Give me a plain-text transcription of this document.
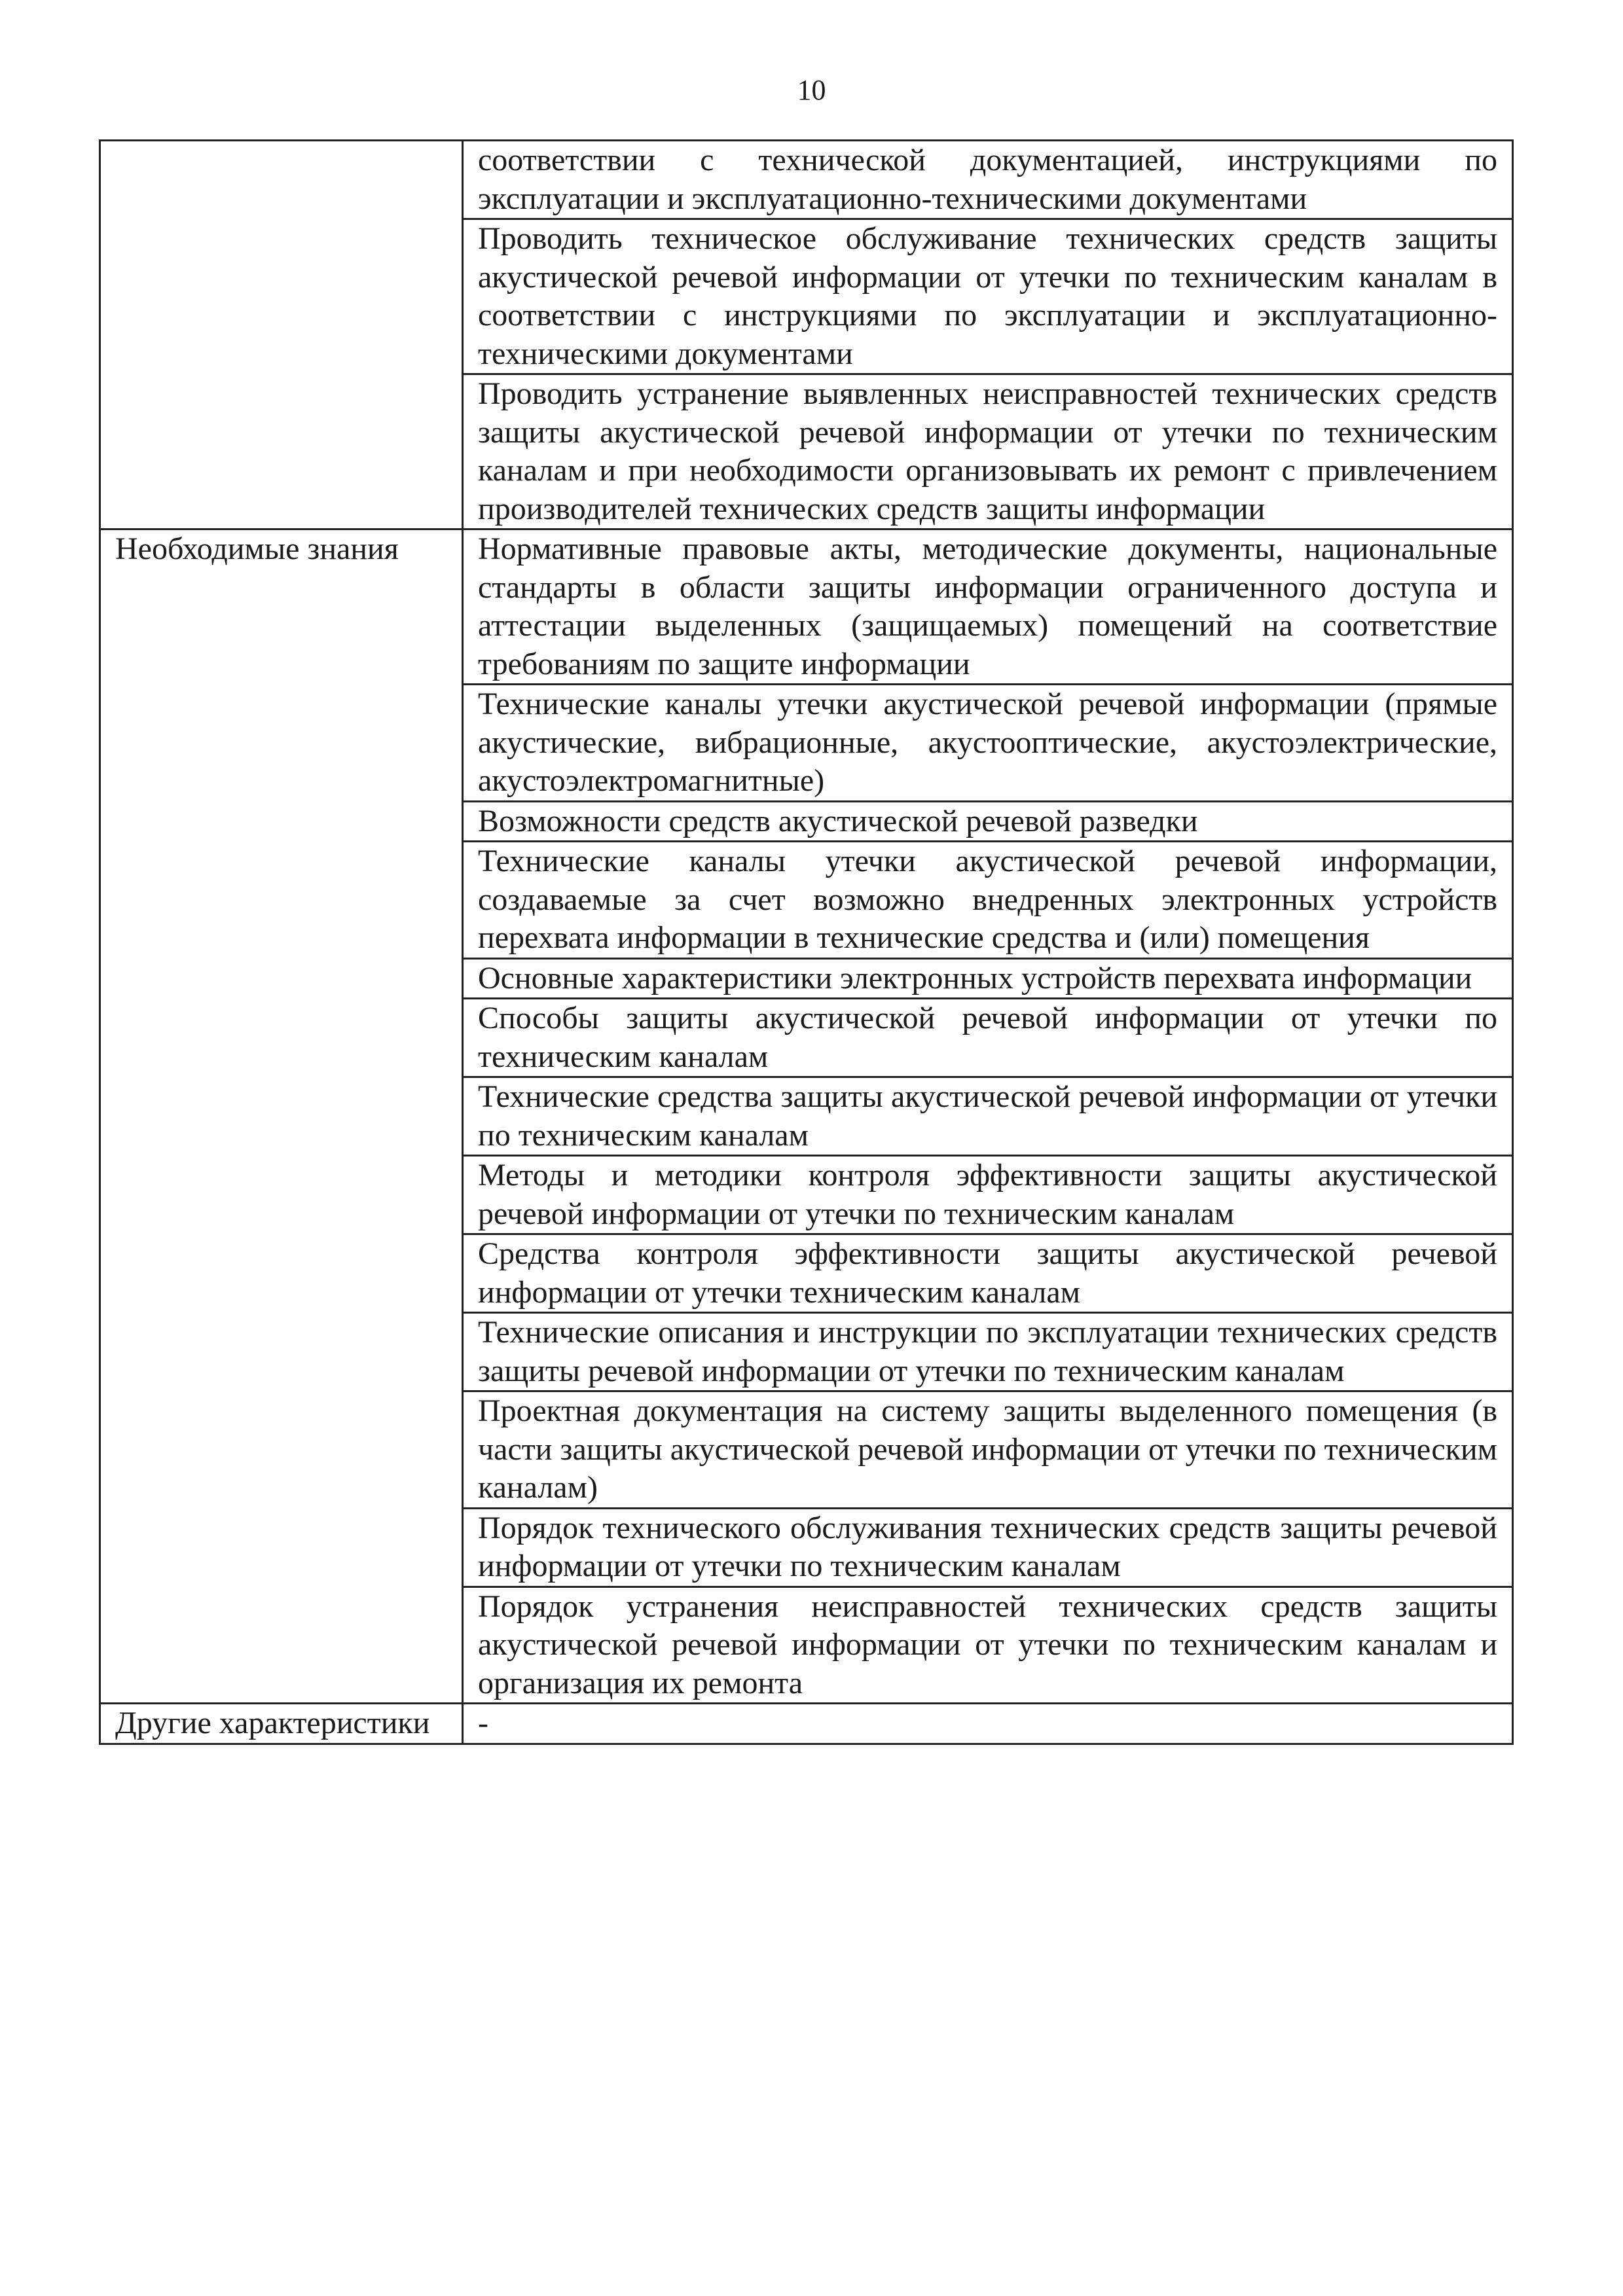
10
	соответствии с технической документацией, инструкциями по эксплуатации и эксплуатационно-техническими документами
	Проводить техническое обслуживание технических средств защиты акустической речевой информации от утечки по техническим каналам в соответствии с инструкциями по эксплуатации и эксплуатационно-техническими документами
	Проводить устранение выявленных неисправностей технических средств защиты акустической речевой информации от утечки по техническим каналам и при необходимости организовывать их ремонт с привлечением производителей технических средств защиты информации
Необходимые знания	Нормативные правовые акты, методические документы, национальные стандарты в области защиты информации ограниченного доступа и аттестации выделенных (защищаемых) помещений на соответствие требованиям по защите информации
	Технические каналы утечки акустической речевой информации (прямые акустические, вибрационные, акустооптические, акустоэлектрические, акустоэлектромагнитные)
	Возможности средств акустической речевой разведки
	Технические каналы утечки акустической речевой информации, создаваемые за счет возможно внедренных электронных устройств перехвата информации в технические средства и (или) помещения
	Основные характеристики электронных устройств перехвата информации
	Способы защиты акустической речевой информации от утечки по техническим каналам
	Технические средства защиты акустической речевой информации от утечки по техническим каналам
	Методы и методики контроля эффективности защиты акустической речевой информации от утечки по техническим каналам
	Средства контроля эффективности защиты акустической речевой информации от утечки техническим каналам
	Технические описания и инструкции по эксплуатации технических средств защиты речевой информации от утечки по техническим каналам
	Проектная документация на систему защиты выделенного помещения (в части защиты акустической речевой информации от утечки по техническим каналам)
	Порядок технического обслуживания технических средств защиты речевой информации от утечки по техническим каналам
	Порядок устранения неисправностей технических средств защиты акустической речевой информации от утечки по техническим каналам и организация их ремонта
Другие характеристики	-
